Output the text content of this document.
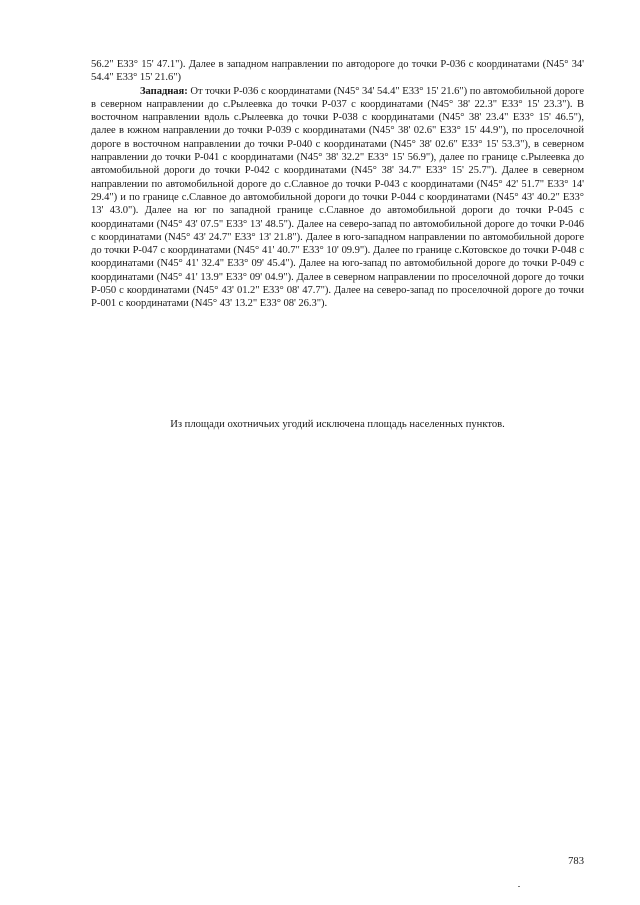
56.2" E33° 15' 47.1"). Далее в западном направлении по автодороге до точки P-036 с координатами (N45° 34' 54.4" E33° 15' 21.6")

Западная: От точки P-036 с координатами (N45° 34' 54.4" E33° 15' 21.6") по автомобильной дороге в северном направлении до с.Рылеевка до точки P-037 с координатами (N45° 38' 22.3" E33° 15' 23.3"). В восточном направлении вдоль с.Рылеевка до точки P-038 с координатами (N45° 38' 23.4" E33° 15' 46.5"), далее в южном направлении до точки P-039 с координатами (N45° 38' 02.6" E33° 15' 44.9"), по проселочной дороге в восточном направлении до точки P-040 с координатами (N45° 38' 02.6" E33° 15' 53.3"), в северном направлении до точки P-041 с координатами (N45° 38' 32.2" E33° 15' 56.9"), далее по границе с.Рылеевка до автомобильной дороги до точки P-042 с координатами (N45° 38' 34.7" E33° 15' 25.7"). Далее в северном направлении по автомобильной дороге до с.Славное до точки P-043 с координатами (N45° 42' 51.7" E33° 14' 29.4") и по границе с.Славное до автомобильной дороги до точки P-044 с координатами (N45° 43' 40.2" E33° 13' 43.0"). Далее на юг по западной границе с.Славное до автомобильной дороги до точки P-045 с координатами (N45° 43' 07.5" E33° 13' 48.5"). Далее на северо-запад по автомобильной дороге до точки P-046 с координатами (N45° 43' 24.7" E33° 13' 21.8"). Далее в юго-западном направлении по автомобильной дороге до точки P-047 с координатами (N45° 41' 40.7" E33° 10' 09.9"). Далее по границе с.Котовское до точки P-048 с координатами (N45° 41' 32.4" E33° 09' 45.4"). Далее на юго-запад по автомобильной дороге до точки P-049 с координатами (N45° 41' 13.9" E33° 09' 04.9"). Далее в северном направлении по проселочной дороге до точки P-050 с координатами (N45° 43' 01.2" E33° 08' 47.7"). Далее на северо-запад по проселочной дороге до точки P-001 с координатами (N45° 43' 13.2" E33° 08' 26.3").

Из площади охотничьих угодий исключена площадь населенных пунктов.
783
